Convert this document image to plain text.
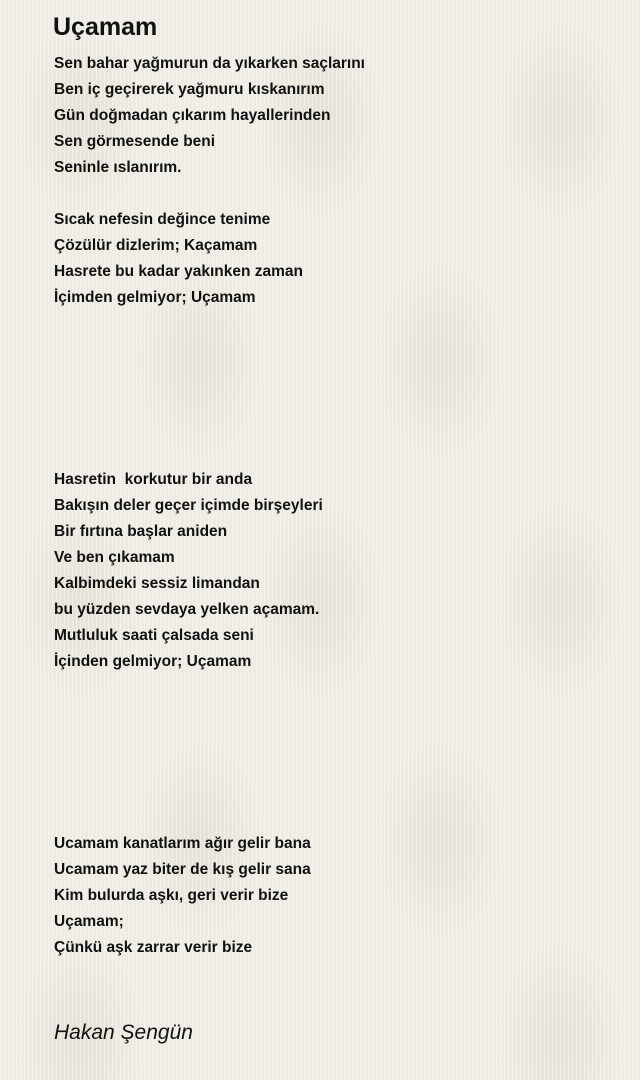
Uçamam
Sen bahar yağmurun da yıkarken saçlarını
Ben iç geçirerek yağmuru kıskanırım
Gün doğmadan çıkarım hayallerinden
Sen görmesende beni
Seninle ıslanırım.
Sıcak nefesin değince tenime
Çözülür dizlerim; Kaçamam
Hasrete bu kadar yakınken zaman
İçimden gelmiyor; Uçamam
Hasretin  korkutur bir anda
Bakışın deler geçer içimde birşeyleri
Bir fırtına başlar aniden
Ve ben çıkamam
Kalbimdeki sessiz limandan
bu yüzden sevdaya yelken açamam.
Mutluluk saati çalsada seni
İçinden gelmiyor; Uçamam
Ucamam kanatlarım ağır gelir bana
Ucamam yaz biter de kış gelir sana
Kim bulurda aşkı, geri verir bize
Uçamam;
Çünkü aşk zarrar verir bize
Hakan Şengün
